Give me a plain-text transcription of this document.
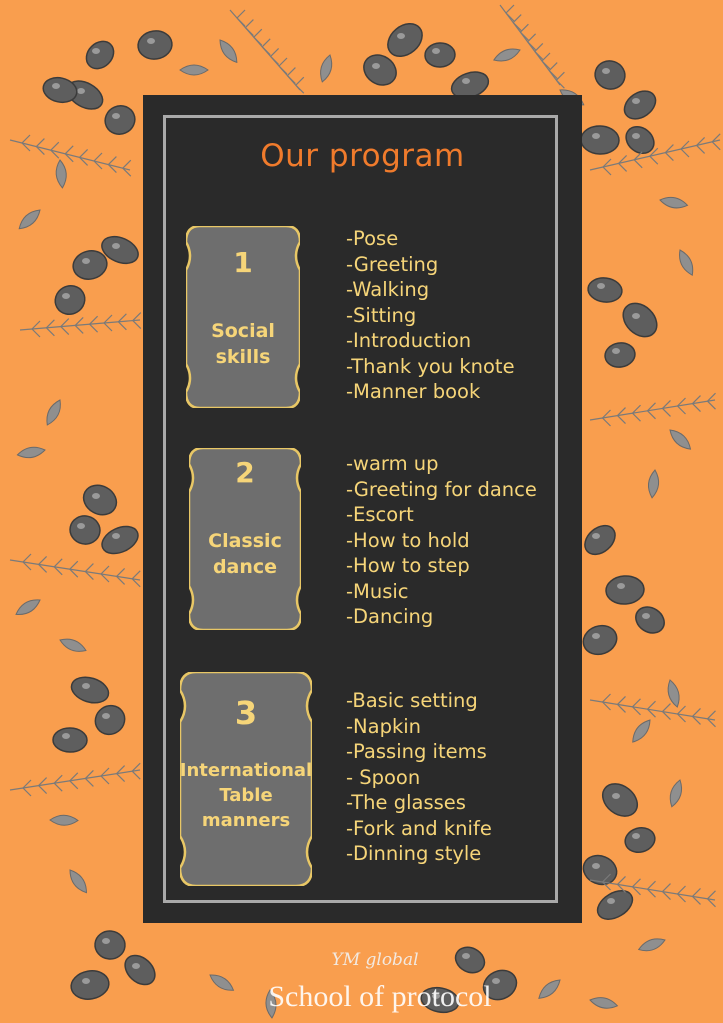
Our program
1
Social
skills
-Pose
-Greeting
-Walking
-Sitting
-Introduction
-Thank you knote
-Manner book
2
Classic
dance
-warm up
-Greeting for dance
-Escort
-How to hold
-How to step
-Music
-Dancing
3
International
Table
manners
-Basic setting
-Napkin
-Passing items
- Spoon
-The glasses
-Fork and knife
-Dinning style
YM global
School of protocol
